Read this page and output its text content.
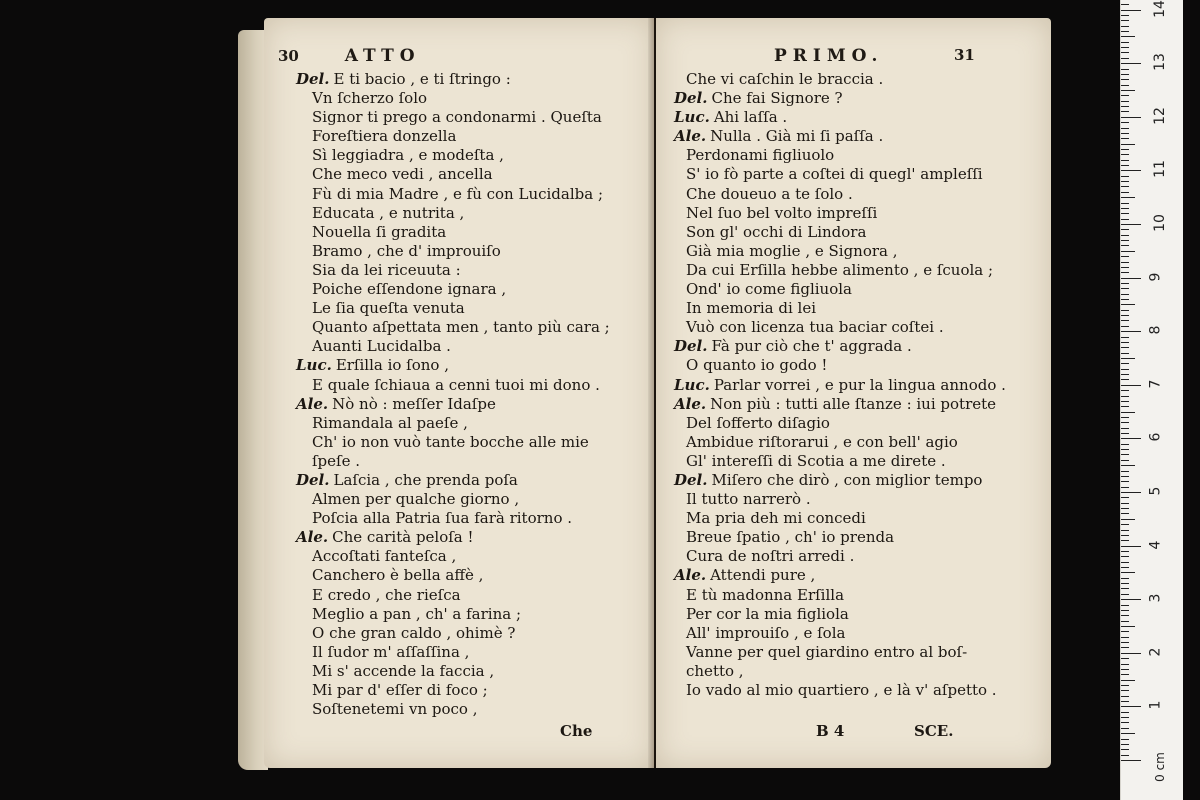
30	ATTO
Del. E ti bacio , e ti ſtringo :
Vn ſcherzo ſolo
Signor ti prego a condonarmi . Queſta
Foreſtiera donzella
Sì leggiadra , e modeſta ,
Che meco vedi , ancella
Fù di mia Madre , e fù con Lucidalba ;
Educata , e nutrita ,
Nouella ſi gradita
Bramo , che d' improuiſo
Sia da lei riceuuta :
Poiche eſſendone ignara ,
Le ſia queſta venuta
Quanto aſpettata men , tanto più cara ;
Auanti Lucidalba .
Luc. Erſilla io ſono ,
E quale ſchiaua a cenni tuoi mi dono .
Ale. Nò nò : meſſer Idaſpe
Rimandala al paeſe ,
Ch' io non vuò tante bocche alle mie
ſpeſe .
Del. Laſcia , che prenda poſa
Almen per qualche giorno ,
Poſcia alla Patria ſua farà ritorno .
Ale. Che carità peloſa !
Accoſtati fanteſca ,
Canchero è bella affè ,
E credo , che rieſca
Meglio a pan , ch' a farina ;
O che gran caldo , ohimè ?
Il ſudor m' aſſaſſina ,
Mi s' accende la faccia ,
Mi par d' eſſer di foco ;
Soſtenetemi vn poco ,
Che
PRIMO.	31
Che vi caſchin le braccia .
Del. Che fai Signore ?
Luc. Ahi laſſa .
Ale. Nulla . Già mi ſi paſſa .
Perdonami figliuolo
S' io fò parte a coſtei di quegl' ampleſſi
Che doueuo a te ſolo .
Nel ſuo bel volto impreſſi
Son gl' occhi di Lindora
Già mia moglie , e Signora ,
Da cui Erſilla hebbe alimento , e ſcuola ;
Ond' io come figliuola
In memoria di lei
Vuò con licenza tua baciar coſtei .
Del. Fà pur ciò che t' aggrada .
O quanto io godo !
Luc. Parlar vorrei , e pur la lingua annodo .
Ale. Non più : tutti alle ſtanze : iui potrete
Del ſofferto diſagio
Ambidue riſtorarui , e con bell' agio
Gl' intereſſi di Scotia a me direte .
Del. Miſero che dirò , con miglior tempo
Il tutto narrerò .
Ma pria deh mi concedi
Breue ſpatio , ch' io prenda
Cura de noſtri arredi .
Ale. Attendi pure ,
E tù madonna Erſilla
Per cor la mia figliola
All' improuiſo , e ſola
Vanne per quel giardino entro al boſ-
chetto ,
Io vado al mio quartiero , e là v' aſpetto .
B 4	SCE.
0 cm
1
2
3
4
5
6
7
8
9
10
11
12
13
14
